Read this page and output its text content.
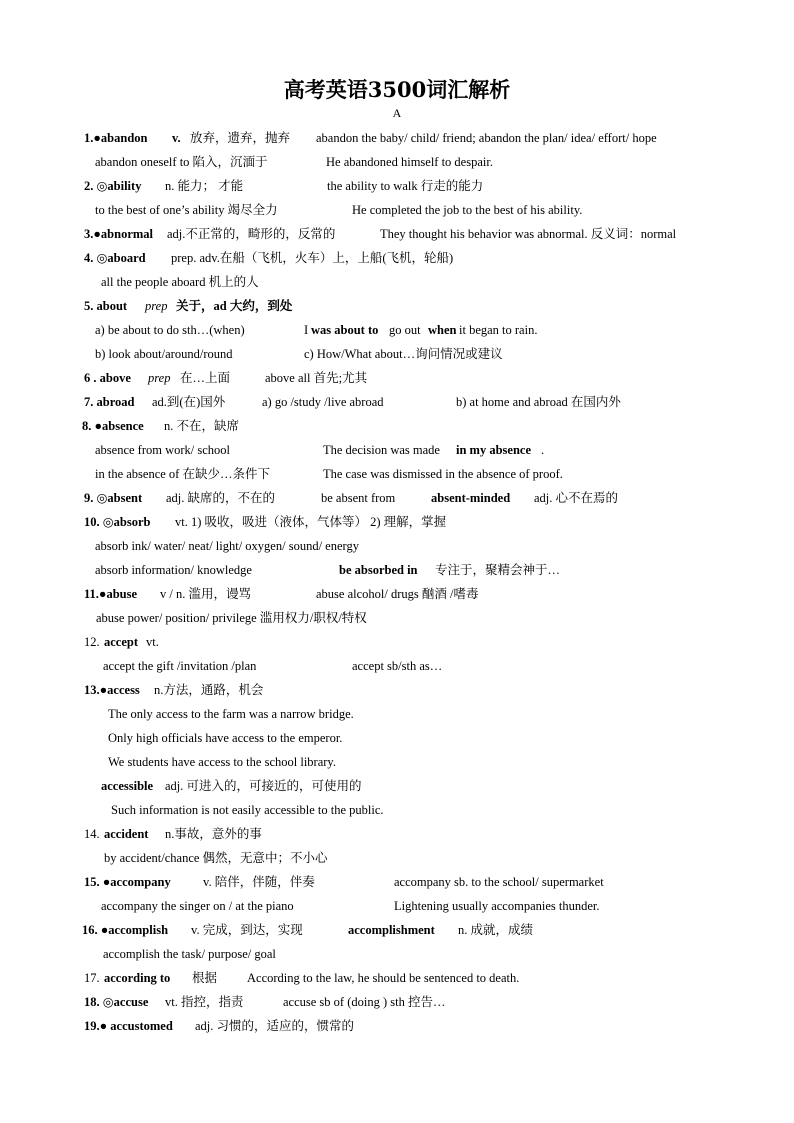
高考英语3500词汇解析
A
1.●abandon v. 放弃，遗弃，抛弃 abandon the baby/ child/ friend; abandon the plan/ idea/ effort/ hope
abandon oneself to 陷入，沉湎于	He abandoned himself to despair.
2. ◎ability n. 能力； 才能	the ability to walk 行走的能力
to the best of one’s ability 竭尽全力	He completed the job to the best of his ability.
3.●abnormal adj.不正常的，畸形的，反常的	They thought his behavior was abnormal. 反义词：normal
4. ◎aboard prep. adv.在船（飞机，火车）上，上船(飞机，轮船)
all the people aboard 机上的人
5. about prep 关于，ad 大约，到处
a) be about to do sth…(when)	I was about to go out when it began to rain.
b) look about/around/round	c) How/What about…询问情况或建议
6 . above prep 在…上面	above all 首先;尤其
7. abroad ad.到(在)国外	a) go /study /live abroad	b) at home and abroad 在国内外
8. ●absence n. 不在，缺席
absence from work/ school	The decision was made in my absence .
in the absence of 在缺少…条件下	The case was dismissed in the absence of proof.
9. ◎absent adj. 缺席的，不在的	be absent from	absent-minded adj. 心不在焉的
10. ◎absorb vt. 1) 吸收，吸进（液体，气体等） 2) 理解，掌握
absorb ink/ water/ neat/ light/ oxygen/ sound/ energy
absorb information/ knowledge	be absorbed in 专注于，聚精会神于…
11.●abuse v / n. 滥用，谩骂	abuse alcohol/ drugs 酗酒 /嗜毒
abuse power/ position/ privilege 滥用权力/职权/特权
12. accept vt.
accept the gift /invitation /plan	accept sb/sth as…
13.●access n.方法，通路，机会
The only access to the farm was a narrow bridge.
Only high officials have access to the emperor.
We students have access to the school library.
accessible adj. 可进入的，可接近的，可使用的
Such information is not easily accessible to the public.
14. accident n.事故，意外的事
by accident/chance 偶然，无意中；不小心
15. ●accompany	v. 陪伴，伴随，伴奏	accompany sb. to the school/ supermarket
accompany the singer on / at the piano	Lightening usually accompanies thunder.
16. ●accomplish v. 完成，到达，实现	accomplishment n. 成就，成绩
accomplish the task/ purpose/ goal
17. according to 根据 According to the law, he should be sentenced to death.
18. ◎accuse vt. 指控，指责	accuse sb of (doing ) sth 控告…
19.● accustomed adj. 习惯的，适应的，惯常的
